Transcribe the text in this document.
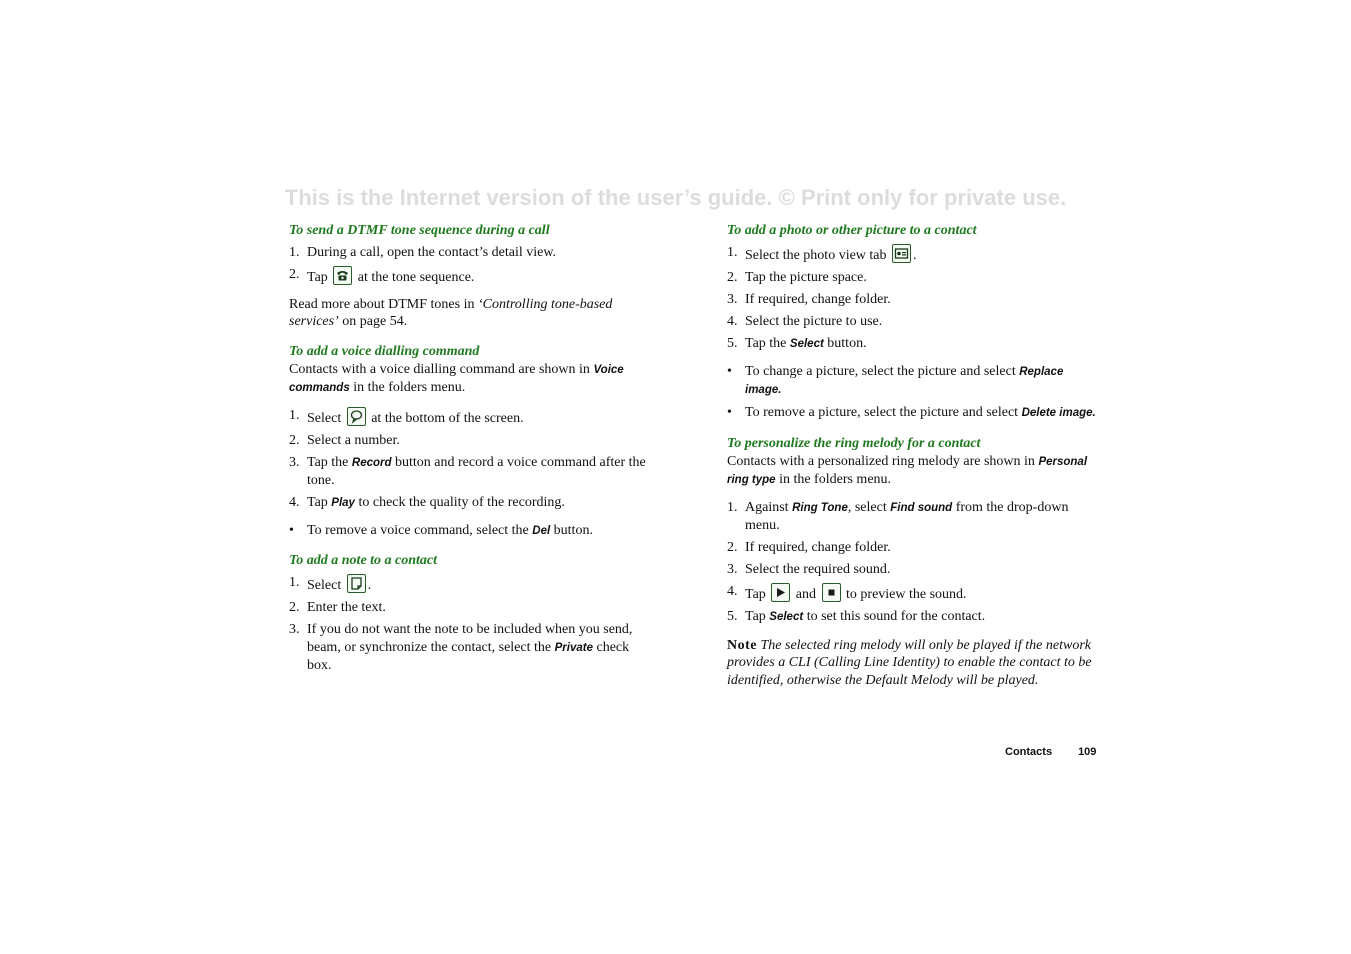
This is the Internet version of the user’s guide. © Print only for private use.
To send a DTMF tone sequence during a call
1. During a call, open the contact’s detail view.
2. Tap at the tone sequence.

Read more about DTMF tones in ‘Controlling tone-based services’ on page 54.

To add a voice dialling command

Contacts with a voice dialling command are shown in Voice commands in the folders menu.

1. Select at the bottom of the screen.
2. Select a number.
3. Tap the Record button and record a voice command after the tone.
4. Tap Play to check the quality of the recording.
• To remove a voice command, select the Del button.
To add a note to a contact
1. Select .
2. Enter the text.
3. If you do not want the note to be included when you send, beam, or synchronize the contact, select the Private check box.
To add a photo or other picture to a contact
1. Select the photo view tab .
2. Tap the picture space.
3. If required, change folder.
4. Select the picture to use.
5. Tap the Select button.
• To change a picture, select the picture and select Replace image.
• To remove a picture, select the picture and select Delete image.
To personalize the ring melody for a contact

Contacts with a personalized ring melody are shown in Personal ring type in the folders menu.

1. Against Ring Tone, select Find sound from the drop-down menu.
2. If required, change folder.
3. Select the required sound.
4. Tap and to preview the sound.
5. Tap Select to set this sound for the contact.
Note The selected ring melody will only be played if the network provides a CLI (Calling Line Identity) to enable the contact to be identified, otherwise the Default Melody will be played.
Contacts 109
